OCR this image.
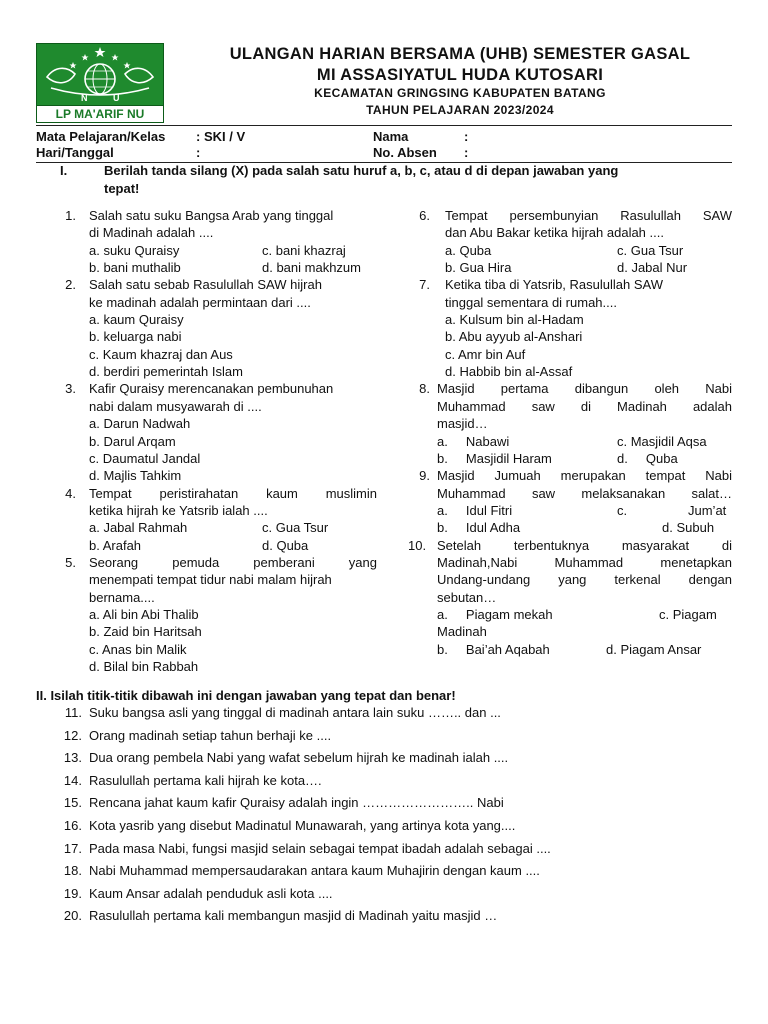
N	U
LP MA'ARIF NU
ULANGAN HARIAN BERSAMA (UHB) SEMESTER GASAL
MI ASSASIYATUL HUDA KUTOSARI
KECAMATAN GRINGSING KABUPATEN BATANG
TAHUN PELAJARAN 2023/2024
Mata Pelajaran/Kelas : SKI / V	Nama	:
Hari/Tanggal	:	No. Absen :
I.	Berilah tanda silang (X) pada salah satu huruf a, b, c, atau d di depan jawaban yang
tepat!
1. Salah satu suku Bangsa Arab yang tinggal
di Madinah adalah ....
a. suku Quraisy	c. bani khazraj
b. bani muthalib	d. bani makhzum
2. Salah satu sebab Rasulullah SAW hijrah
ke madinah adalah permintaan dari ....
a. kaum Quraisy
b. keluarga nabi
c. Kaum khazraj dan Aus
d. berdiri pemerintah Islam
3. Kafir Quraisy merencanakan pembunuhan
nabi dalam musyawarah di ....
a. Darun Nadwah
b. Darul Arqam
c. Daumatul Jandal
d. Majlis Tahkim
4. Tempat peristirahatan kaum muslimin
ketika hijrah ke Yatsrib ialah ....
a. Jabal Rahmah	c. Gua Tsur
b. Arafah	d. Quba
5. Seorang pemuda pemberani yang
menempati tempat tidur nabi malam hijrah
bernama....
a. Ali bin Abi Thalib
b. Zaid bin Haritsah
c. Anas bin Malik
d. Bilal bin Rabbah
6. Tempat persembunyian Rasulullah SAW
dan Abu Bakar ketika hijrah adalah ....
a. Quba	c. Gua Tsur
b. Gua Hira	d. Jabal Nur
7. Ketika tiba di Yatsrib, Rasulullah SAW
tinggal sementara di rumah....
a. Kulsum bin al-Hadam
b. Abu ayyub al-Anshari
c. Amr bin Auf
d. Habbib bin al-Assaf
8. Masjid pertama dibangun oleh Nabi
Muhammad saw di Madinah adalah
masjid…
a.     Nabawi	c. Masjidil Aqsa
b.     Masjidil Haram	d.     Quba
9. Masjid Jumuah merupakan tempat Nabi
Muhammad saw melaksanakan salat…
a.     Idul Fitri	c.	Jum’at
b.     Idul Adha	d. Subuh
10. Setelah terbentuknya masyarakat di
Madinah,Nabi Muhammad menetapkan
Undang-undang yang terkenal dengan
sebutan…
a.     Piagam mekah	c. Piagam
Madinah
b.     Bai’ah Aqabah	d. Piagam Ansar
II. Isilah titik-titik dibawah ini dengan jawaban yang tepat dan benar!
11. Suku bangsa asli yang tinggal di madinah antara lain suku …….. dan ...
12. Orang madinah setiap tahun berhaji ke ....
13. Dua orang pembela Nabi yang wafat sebelum hijrah ke madinah ialah ....
14. Rasulullah pertama kali hijrah ke kota….
15. Rencana jahat kaum kafir Quraisy adalah ingin …………………….. Nabi
16. Kota yasrib yang disebut Madinatul Munawarah, yang artinya kota yang....
17. Pada masa Nabi, fungsi masjid selain sebagai tempat ibadah adalah sebagai ....
18. Nabi Muhammad mempersaudarakan antara kaum Muhajirin dengan kaum ....
19. Kaum Ansar adalah penduduk asli kota ....
20. Rasulullah pertama kali membangun masjid di Madinah yaitu masjid …
